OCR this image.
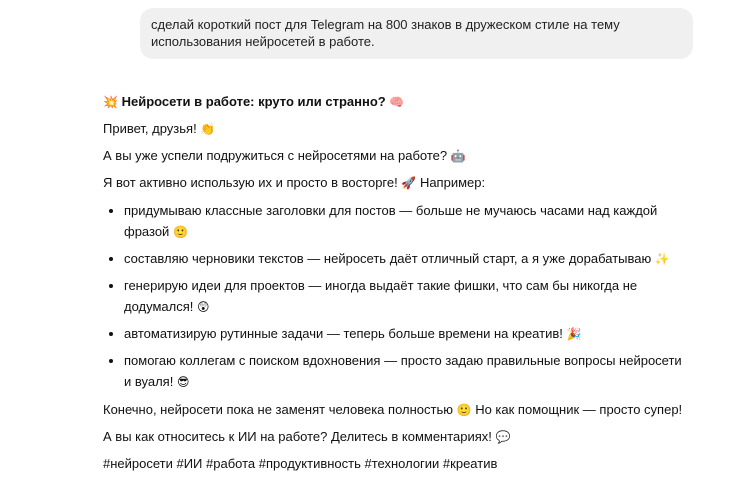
сделай короткий пост для Telegram на 800 знаков в дружеском стиле на тему использования нейросетей в работе.

💥 Нейросети в работе: круто или странно? 🧠

Привет, друзья! 👏

А вы уже успели подружиться с нейросетями на работе? 🤖

Я вот активно использую их и просто в восторге! 🚀 Например:

• придумываю классные заголовки для постов — больше не мучаюсь часами над каждой фразой 🙂
• составляю черновики текстов — нейросеть даёт отличный старт, а я уже дорабатываю ✨
• генерирую идеи для проектов — иногда выдаёт такие фишки, что сам бы никогда не додумался! 😲
• автоматизирую рутинные задачи — теперь больше времени на креатив! 🎉
• помогаю коллегам с поиском вдохновения — просто задаю правильные вопросы нейросети и вуаля! 😎

Конечно, нейросети пока не заменят человека полностью 🙂 Но как помощник — просто супер!

А вы как относитесь к ИИ на работе? Делитесь в комментариях! 💬

#нейросети #ИИ #работа #продуктивность #технологии #креатив
